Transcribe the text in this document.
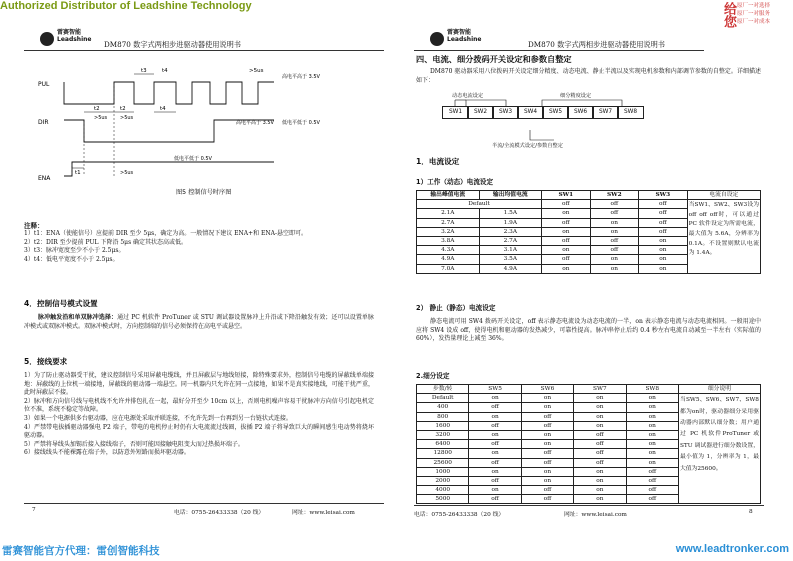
Authorized Distributor of Leadshine Technology	给您 原厂一对选择
原厂一对服务
原厂一对成本
雷赛智能
Leadshine
DM870 数字式两相步进驱动器使用说明书
PUL
DIR
ENA
t3	t4	>5us
t2
>5us
t4
t2
>5us
t1	>5us
高电平高于 3.5V
高电平高于 3.5V 低电平低于 0.5V
低电平低于 0.5V
图5 控制信号时序图
注释：
1）t1：ENA（使能信号）应提前 DIR 至少 5μs，确定为高。一般情况下建议 ENA+和 ENA-悬空即可。
2）t2：DIR 至少提前 PUL 下降沿 5μs 确定其状态高或低。
3）t3：脉冲宽度至少不小于 2.5μs。
4）t4：低电平宽度不小于 2.5μs。
4．控制信号模式设置
脉冲触发沿和单双脉冲选择：通过 PC 机软件 ProTuner 或 STU 调试器设置脉冲上升沿或下降沿触发有效；还可以设置单脉冲模式或双脉冲模式。双脉冲模式时，方向控制端的信号必须保持在高电平或悬空。
5．接线要求
1）为了防止驱动器受干扰，建议控制信号采用屏蔽电缆线，并且屏蔽层与地线短接，除特殊要求外，控制信号电缆的屏蔽线单端接地：屏蔽线的上位机一端接地，屏蔽线的驱动器一端悬空。同一机器内只允许在同一点接地，如果不是真实接地线，可能干扰严重，此时屏蔽层不接。
2）脉冲和方向信号线与电机线不允许并排包扎在一起，最好分开至少 10cm 以上，否则电机噪声容易干扰脉冲方向信号引起电机定位不准，系统不稳定等故障。
3）如果一个电源供多台驱动器，应在电源处采取并联连接，不允许先到一台再到另一台链状式连接。
4）严禁带电拔插驱动器强电 P2 端子，带电的电机停止时仍有大电流流过线圈，拔插 P2 端子将导致巨大的瞬间感生电动势将烧坏驱动器。
5）严禁将导线头加锡后接入接线端子，否则可能因接触电阻变大而过热损坏端子。
6）接线线头不能裸露在端子外，以防意外短路而损坏驱动器。
7	电话：0755-26433338（20 线）	网址：www.leisai.com
雷赛智能
Leadshine
DM870 数字式两相步进驱动器使用说明书
四、电流、细分拨码开关设定和参数自整定
DM870 驱动器采用八位拨码开关设定细分精度、动态电流、静止半流以及实现电机参数和内部调节参数的自整定。详细描述如下：
动态电流设定	细分精度设定
SW1	SW2	SW3	SW4	SW5	SW6	SW7	SW8
半流/全流模式设定/参数自整定
1．电流设定
1）工作（动态）电流设定
输出峰值电流	输出均值电流	SW1	SW2	SW3	电流自设定
Default		off	off	off	当SW1、SW2、SW3设为off off off时，可以通过 PC 软件设定为所需电流，最大值为 5.6A，分辨率为0.1A。不设置则默认电流为 1.4A。
2.1A	1.5A	on	off	off	
2.7A	1.9A	off	on	off	
3.2A	2.3A	on	on	off	
3.8A	2.7A	off	off	on	
4.3A	3.1A	on	off	on	
4.9A	3.5A	off	on	on	
7.0A	4.9A	on	on	on	
2） 静止（静态）电流设定
静态电流可用 SW4 拨码开关设定，off 表示静态电流设为动态电流的一半，on 表示静态电流与动态电流相同。一般用途中应将 SW4 设成 off，使得电机和驱动器的发热减少，可靠性提高。脉冲串停止后约 0.4 秒左右电流自动减至一半左右（实际值的 60%），发热量理论上减至 36%。
2.细分设定
步数/转	SW5	SW6	SW7	SW8	细分说明
Default	on	on	on	on	当SW5、SW6、SW7、SW8都为on时，驱动器细分采用驱动器内部默认细分数；用户通过 PC 机软件ProTuner 或 STU 调试器进行细分数设置，最小值为 1，分辨率为 1，最大值为25600。
400	off	on	on	on	
800	on	off	on	on	
1600	off	off	on	on	
3200	on	on	off	on	
6400	off	on	off	on	
12800	on	off	off	on	
25600	off	off	off	on	
1000	on	on	on	off	
2000	off	on	on	off	
4000	on	off	on	off	
5000	off	off	on	off	
电话：0755-26433338（20 线）	网址：www.leisai.com	8
雷赛智能官方代理：雷创智能科技	www.leadtronker.com
